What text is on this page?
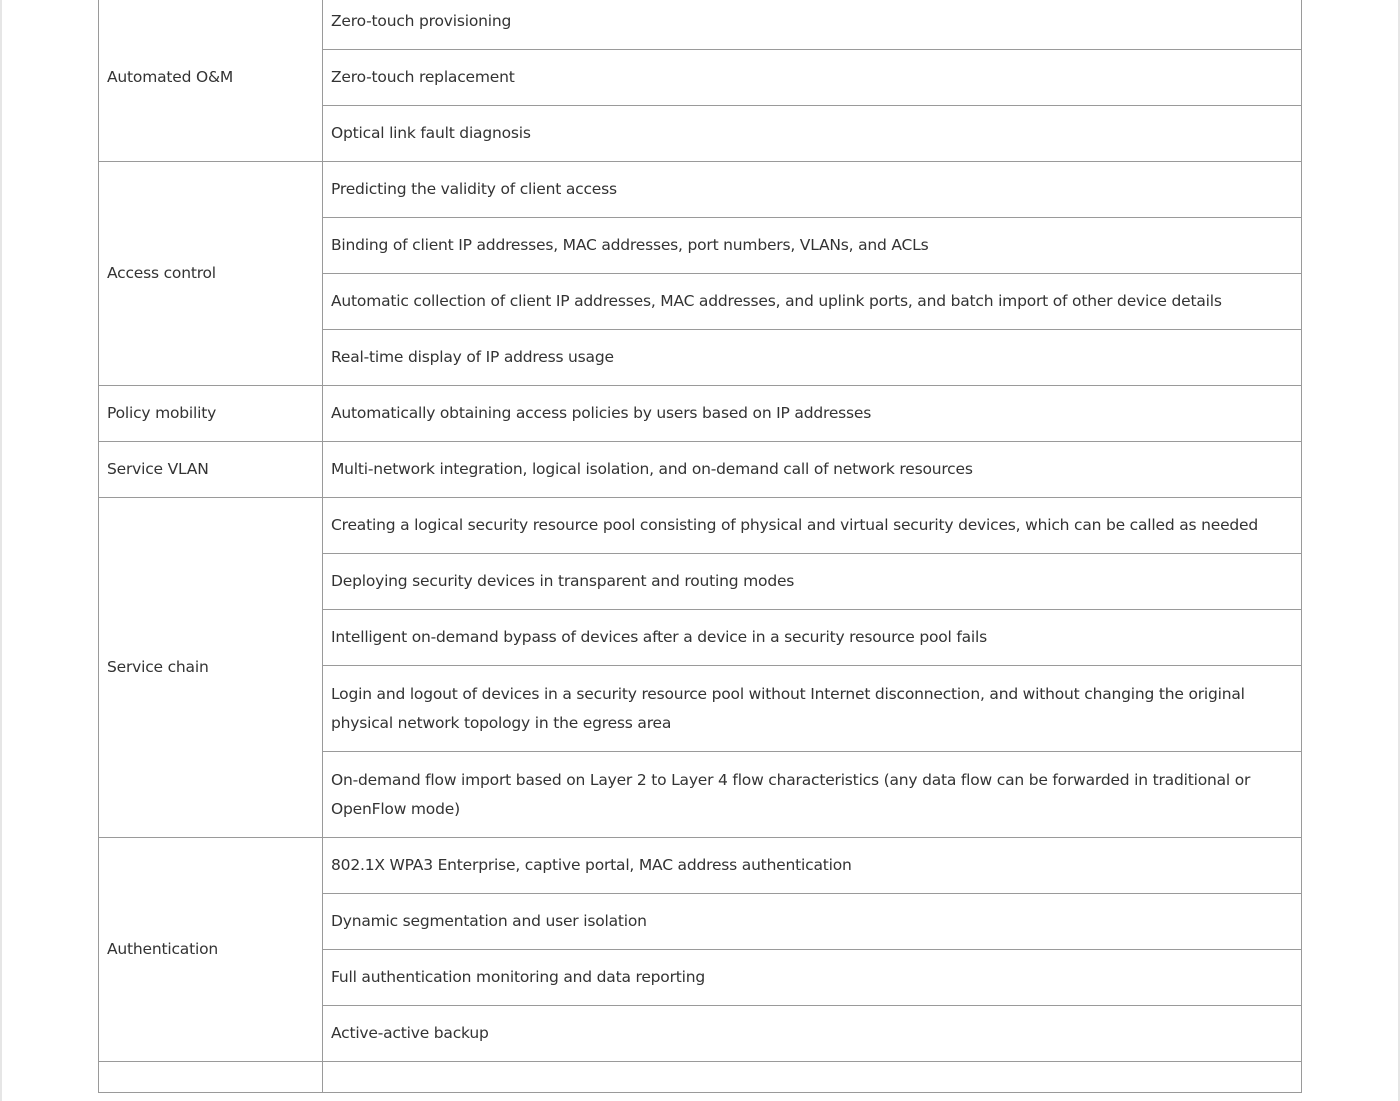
Automated O&M	Zero-touch provisioning
	Zero-touch replacement
	Optical link fault diagnosis
Access control	Predicting the validity of client access
	Binding of client IP addresses, MAC addresses, port numbers, VLANs, and ACLs
	Automatic collection of client IP addresses, MAC addresses, and uplink ports, and batch import of other device details
	Real-time display of IP address usage
Policy mobility	Automatically obtaining access policies by users based on IP addresses
Service VLAN	Multi-network integration, logical isolation, and on-demand call of network resources
Service chain	Creating a logical security resource pool consisting of physical and virtual security devices, which can be called as needed
	Deploying security devices in transparent and routing modes
	Intelligent on-demand bypass of devices after a device in a security resource pool fails
	Login and logout of devices in a security resource pool without Internet disconnection, and without changing the original physical network topology in the egress area
	On-demand flow import based on Layer 2 to Layer 4 flow characteristics (any data flow can be forwarded in traditional or OpenFlow mode)
Authentication	802.1X WPA3 Enterprise, captive portal, MAC address authentication
	Dynamic segmentation and user isolation
	Full authentication monitoring and data reporting
	Active-active backup
